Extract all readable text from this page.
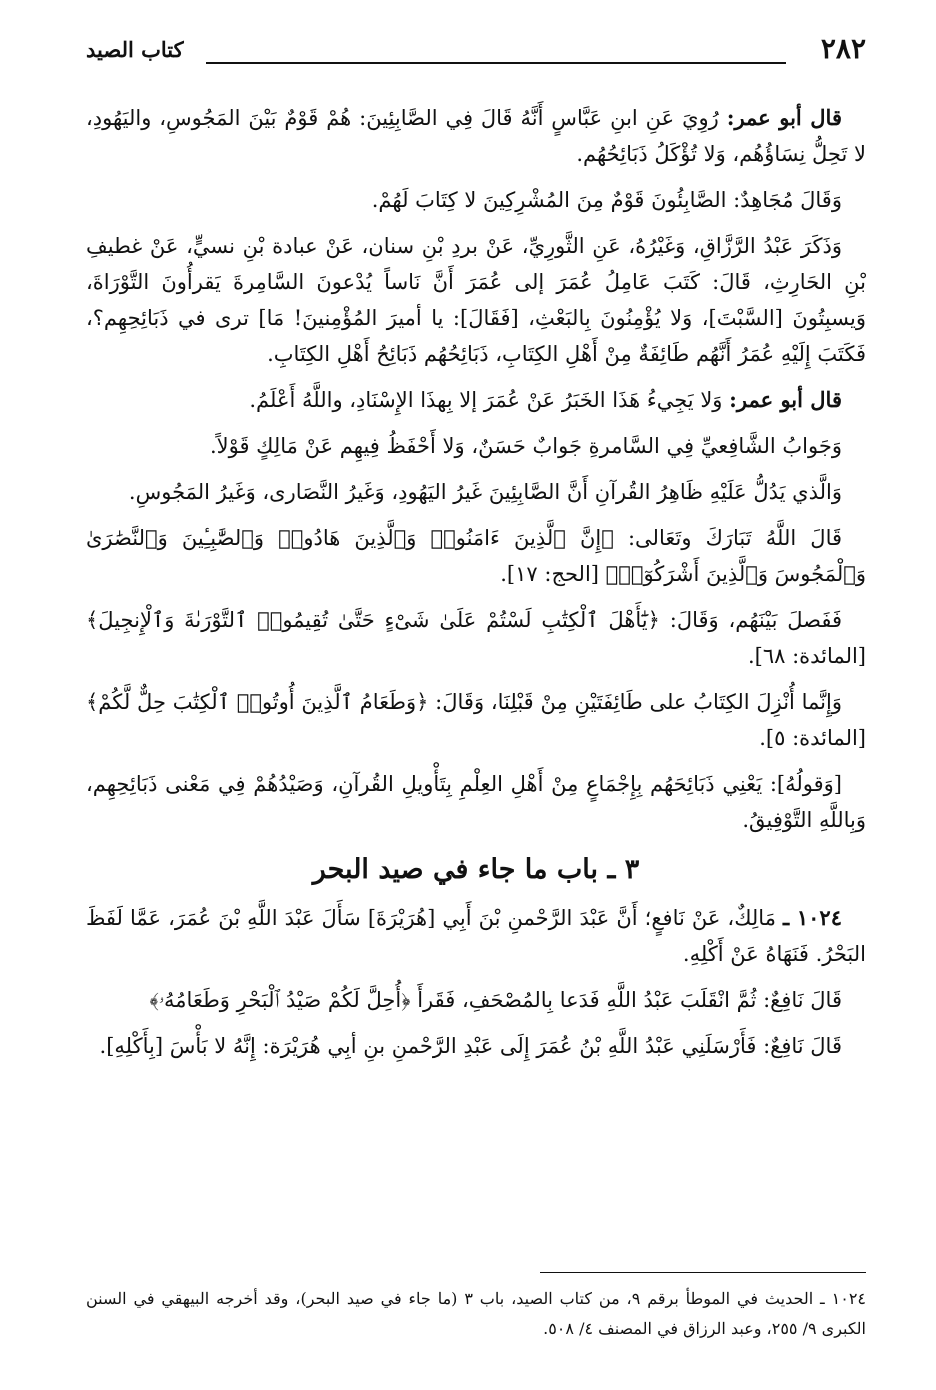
٢٨٢
كتاب الصيد

قال أبو عمر: رُوِيَ عَنِ ابنِ عَبَّاسٍ أَنَّهُ قَالَ فِي الصَّابِئِينَ: هُمْ قَوْمٌ بَيْنَ المَجُوسِ، واليَهُودِ، لا تَحِلُّ نِسَاؤُهُم، وَلا تُؤْكَلُ ذَبَائِحُهُم.

وَقَالَ مُجَاهِدٌ: الصَّابِئُونَ قَوْمٌ مِنَ المُشْرِكِينَ لا كِتَابَ لَهُمْ.

وَذَكَرَ عَبْدُ الرَّزَّاقِ، وَغَيْرُهُ، عَنِ الثَّورِيِّ، عَنْ بردِ بْنِ سنان، عَنْ عبادة بْنِ نسيٍّ، عَنْ غطيفِ بْنِ الحَارِثِ، قَالَ: كَتَبَ عَامِلُ عُمَرَ إلى عُمَرَ أَنَّ نَاساً يُدْعونَ السَّامِرةَ يَقرأُونَ التَّوْرَاةَ، وَيسبِتُونَ [السَّبْتَ]، وَلا يُؤْمِنُونَ بِالبَعْثِ، [فَقَالَ]: يا أميرَ المُؤْمِنينَ! مَا] ترى في ذَبَائِحِهِم؟، فَكَتَبَ إِلَيْهِ عُمَرُ أَنَّهُم طَائِفَةٌ مِنْ أَهْلِ الكِتَابِ، ذَبَائِحُهُم ذَبَائِحُ أَهْلِ الكِتَابِ.

قال أبو عمر: وَلا يَجِيءُ هَذَا الخَبَرُ عَنْ عُمَرَ إلا بِهذَا الإِسْنَادِ، واللَّهُ أَعْلَمُ.

وَجَوابُ الشَّافِعيِّ فِي السَّامرةِ جَوابٌ حَسَنٌ، وَلا أَحْفَظُ فِيهِم عَنْ مَالِكٍ قَوْلاً.

وَالَّذي يَدُلُّ عَلَيْهِ ظَاهِرُ القُرآنِ أَنَّ الصَّابِئِينَ غَيرُ اليَهُودِ، وَغَيرُ النَّصَارى، وَغَيرُ المَجُوسِ.

قَالَ اللَّهُ تَبَارَكَ وتَعَالى: ﴿إِنَّ ٱلَّذِينَ ءَامَنُوا۟ وَٱلَّذِينَ هَادُوا۟ وَٱلصَّٰبِـِٔينَ وَٱلنَّصَٰرَىٰ وَٱلْمَجُوسَ وَٱلَّذِينَ أَشْرَكُوٓا۟﴾ [الحج: ١٧].

فَفَصلَ بَيْنَهُم، وَقَالَ: ﴿يَٰٓأَهْلَ ٱلْكِتَٰبِ لَسْتُمْ عَلَىٰ شَىْءٍ حَتَّىٰ تُقِيمُوا۟ ٱلتَّوْرَىٰةَ وَٱلْإِنجِيلَ﴾ [المائدة: ٦٨].

وَإِنَّما أُنْزِلَ الكِتَابُ على طَائِفَتَيْنِ مِنْ قَبْلِنَا، وَقَالَ: ﴿وَطَعَامُ ٱلَّذِينَ أُوتُوا۟ ٱلْكِتَٰبَ حِلٌّ لَّكُمْ﴾ [المائدة: ٥].

[وَقولُهُ]: يَعْنِي ذَبَائِحَهُم بِإِجْمَاعٍ مِنْ أَهْلِ العِلْمِ بِتَأْويلِ القُرآنِ، وَصَيْدُهُمْ فِي مَعْنى ذَبَائِحِهِم، وَبِاللَّهِ التَّوْفِيقُ.

٣ ـ باب ما جاء في صيد البحر

١٠٢٤ ـ مَالِكٌ، عَنْ نَافعٍ؛ أَنَّ عَبْدَ الرَّحْمنِ بْنَ أَبِي [هُرَيْرَةَ] سَأَلَ عَبْدَ اللَّهِ بْنَ عُمَرَ، عَمَّا لَفَظَ البَحْرُ. فَنَهَاهُ عَنْ أَكْلِهِ.

قَالَ نَافِعٌ: ثُمَّ انْقَلَبَ عَبْدُ اللَّهِ فَدَعا بِالمُصْحَفِ، فَقَرأَ ﴿أُحِلَّ لَكُمْ صَيْدُ ٱلْبَحْرِ وَطَعَامُهُۥ﴾

قَالَ نَافِعٌ: فَأَرْسَلَنِي عَبْدُ اللَّهِ بْنُ عُمَرَ إِلَى عَبْدِ الرَّحْمنِ بنِ أبِي هُرَيْرَة: إِنَّهُ لا بَأْسَ [بِأَكْلِهِ].

١٠٢٤ ـ الحديث في الموطأ برقم ٩، من كتاب الصيد، باب ٣ (ما جاء في صيد البحر)، وقد أخرجه البيهقي في السنن الكبرى ٩/ ٢٥٥، وعبد الرزاق في المصنف ٤/ ٥٠٨.
